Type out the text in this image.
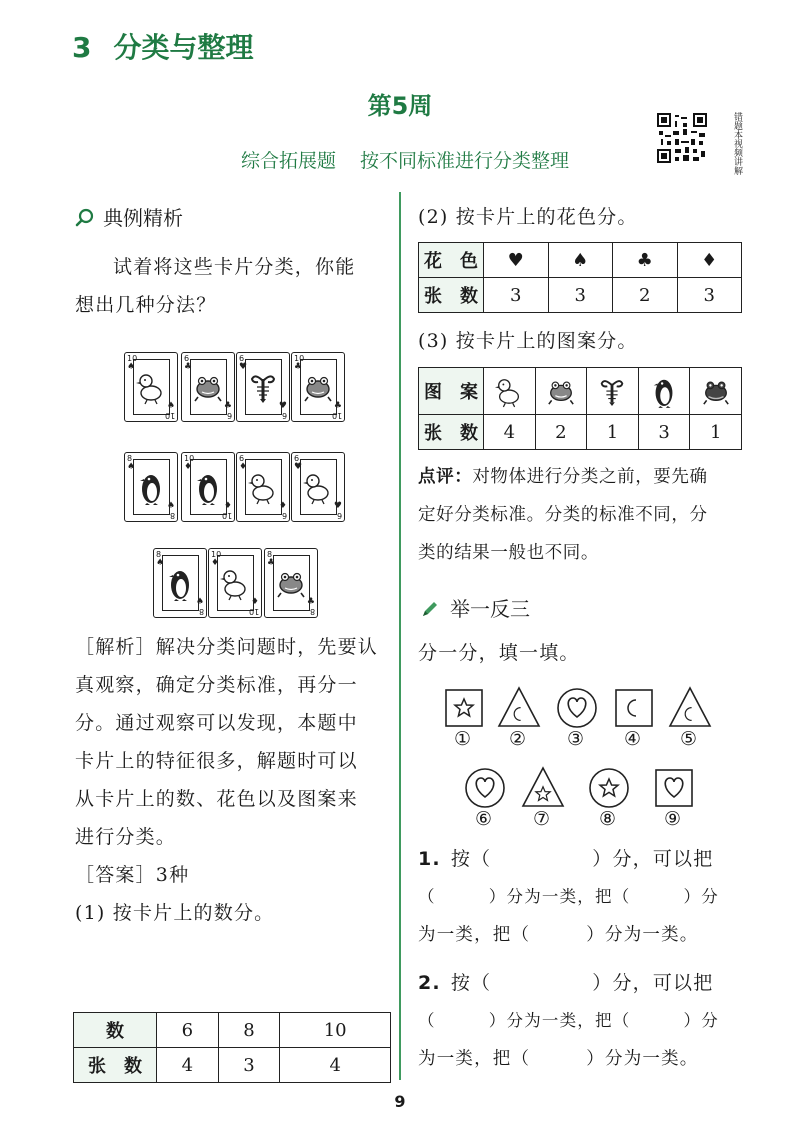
3 分类与整理
第5周
综合拓展题 按不同标准进行分类整理	错题本视频讲解
典例精析
试着将这些卡片分类，你能
想出几种分法？
10
♠
10
♠
6
♣
6
♣
6
♥
6
♥
10
♣
10
♣
8
♠
8
♠
10
♦
10
♦
6
♦
6
♦
6
♥
6
♥
8
♠
8
♠
10
♦
10
♦
8
♣
8
♣
［解析］解决分类问题时，先要认
真观察，确定分类标准，再分一
分。通过观察可以发现，本题中
卡片上的特征很多，解题时可以
从卡片上的数、花色以及图案来
进行分类。
［答案］3种
(1) 按卡片上的数分。
数	6	8	10
张　数	4	3	4
(2) 按卡片上的花色分。
花　色	♥	♠	♣	♦
张　数	3	3	2	3
(3) 按卡片上的图案分。
图　案	

张　数	4	2	1	3	1
点评：对物体进行分类之前，要先确
定好分类标准。分类的标准不同，分
类的结果一般也不同。
举一反三
分一分，填一填。
① ② ③ ④ ⑤
⑥ ⑦	⑧	⑨
1. 按（　　　　　）分，可以把
（　　　）分为一类，把（　　　）分
为一类，把（　　　）分为一类。
2. 按（　　　　　）分，可以把
（　　　）分为一类，把（　　　）分
为一类，把（　　　）分为一类。
9
